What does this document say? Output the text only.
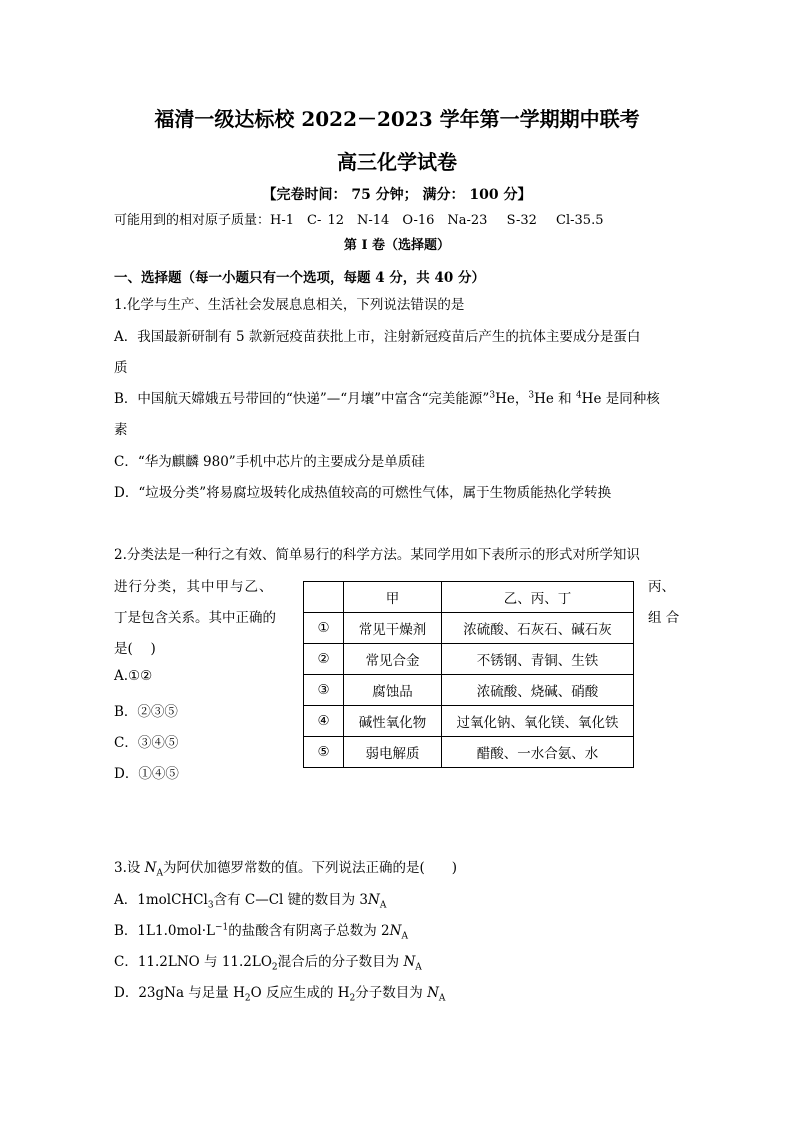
福清一级达标校 2022－2023 学年第一学期期中联考
高三化学试卷
【完卷时间： 75 分钟； 满分： 100 分】
可能用到的相对原子质量：H-1　C- 12　N-14　O-16　Na-23　 S-32　 Cl-35.5
第 I 卷（选择题）
一、选择题（每一小题只有一个选项，每题 4 分，共 40 分）
1.化学与生产、生活社会发展息息相关，下列说法错误的是
A．我国最新研制有 5 款新冠疫苗获批上市，注射新冠疫苗后产生的抗体主要成分是蛋白
质
B．中国航天嫦娥五号带回的“快递”—“月壤”中富含“完美能源”$^3$He，$^3$He 和 $^4$He 是同种核
素
C．“华为麒麟 980”手机中芯片的主要成分是单质硅
D．“垃圾分类”将易腐垃圾转化成热值较高的可燃性气体，属于生物质能热化学转换
2.分类法是一种行之有效、简单易行的科学方法。某同学用如下表所示的形式对所学知识
进行分类，其中甲与乙、	丙、
丁是包含关系。其中正确的	组 合
是(　 )
A.①②
B．②③⑤
C．③④⑤
D．①④⑤
	甲	乙、丙、丁
①	常见干燥剂	浓硫酸、石灰石、碱石灰
②	常见合金	不锈钢、青铜、生铁
③	腐蚀品	浓硫酸、烧碱、硝酸
④	碱性氧化物	过氧化钠、氧化镁、氧化铁
⑤	弱电解质	醋酸、一水合氨、水
3.设 $N_A$为阿伏加德罗常数的值。下列说法正确的是(　　)
A．1molCHCl$_3$含有 C—Cl 键的数目为 $3N_A$
B．$1L1.0mol\cdot L^{-1}$的盐酸含有阴离子总数为 $2N_A$
C．11.2LNO 与 $11.2LO_2$混合后的分子数目为 $N_A$
D．23gNa 与足量 $H_2O$ 反应生成的 $H_2$分子数目为 $N_A$
